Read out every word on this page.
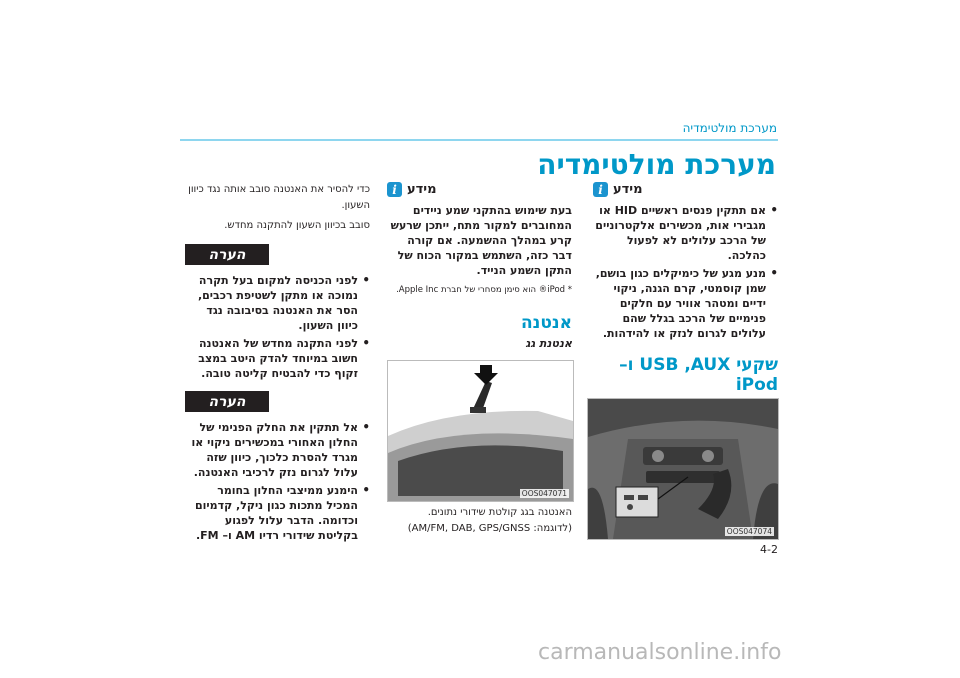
מערכת מולטימדיה
מערכת מולטימדיה
i מידע
• אם תתקין פנסים ראשיים HID או מגבירי אות, מכשירים אלקטרוניים של הרכב עלולים לא לפעול כהלכה.
• מנע מגע של כימיקלים כגון בושם, שמן קוסמטי, קרם הגנה, ניקוי ידיים ומטהר אוויר עם חלקים פנימיים של הרכב בגלל שהם עלולים לגרום לנזק או להידהות.
שקעי USB ,AUX ו– iPod
OOS047074
i מידע
בעת שימוש בהתקני שמע ניידים המחוברים למקור מתח, ייתכן שרעש קרע במהלך ההשמעה. אם קורה דבר כזה, השתמש במקור הכוח של התקן השמע הנייד.
* iPod® הוא סימן מסחרי של חברת Apple Inc.
אנטנה
אנטנת גג
OOS047071
האנטנה בגג קולטת שידורי נתונים. (לדוגמה: AM/FM, DAB, GPS/GNSS)
כדי להסיר את האנטנה סובב אותה נגד כיוון השעון.
סובב בכיוון השעון להתקנה מחדש.
הערה
• לפני הכניסה למקום בעל תקרה נמוכה או מתקן לשטיפת רכבים, הסר את האנטנה בסיבובה נגד כיוון השעון.
• לפני התקנה מחדש של האנטנה חשוב במיוחד להדק היטב במצב זקוף כדי להבטיח קליטה טובה.
הערה
• אל תתקין את החלק הפנימי של החלון האחורי במכשירים ניקוי או מגרד להסרת כלכוך, כיוון שזה עלול לגרום נזק לרכיבי האנטנה.
• הימנע ממיצבי החלון בחומר המכיל מתכות כגון ניקל, קדמיום וכדומה. הדבר עלול לפגוע בקליטת שידורי רדיו AM ו– FM.
4-2
carmanualsonline.info
